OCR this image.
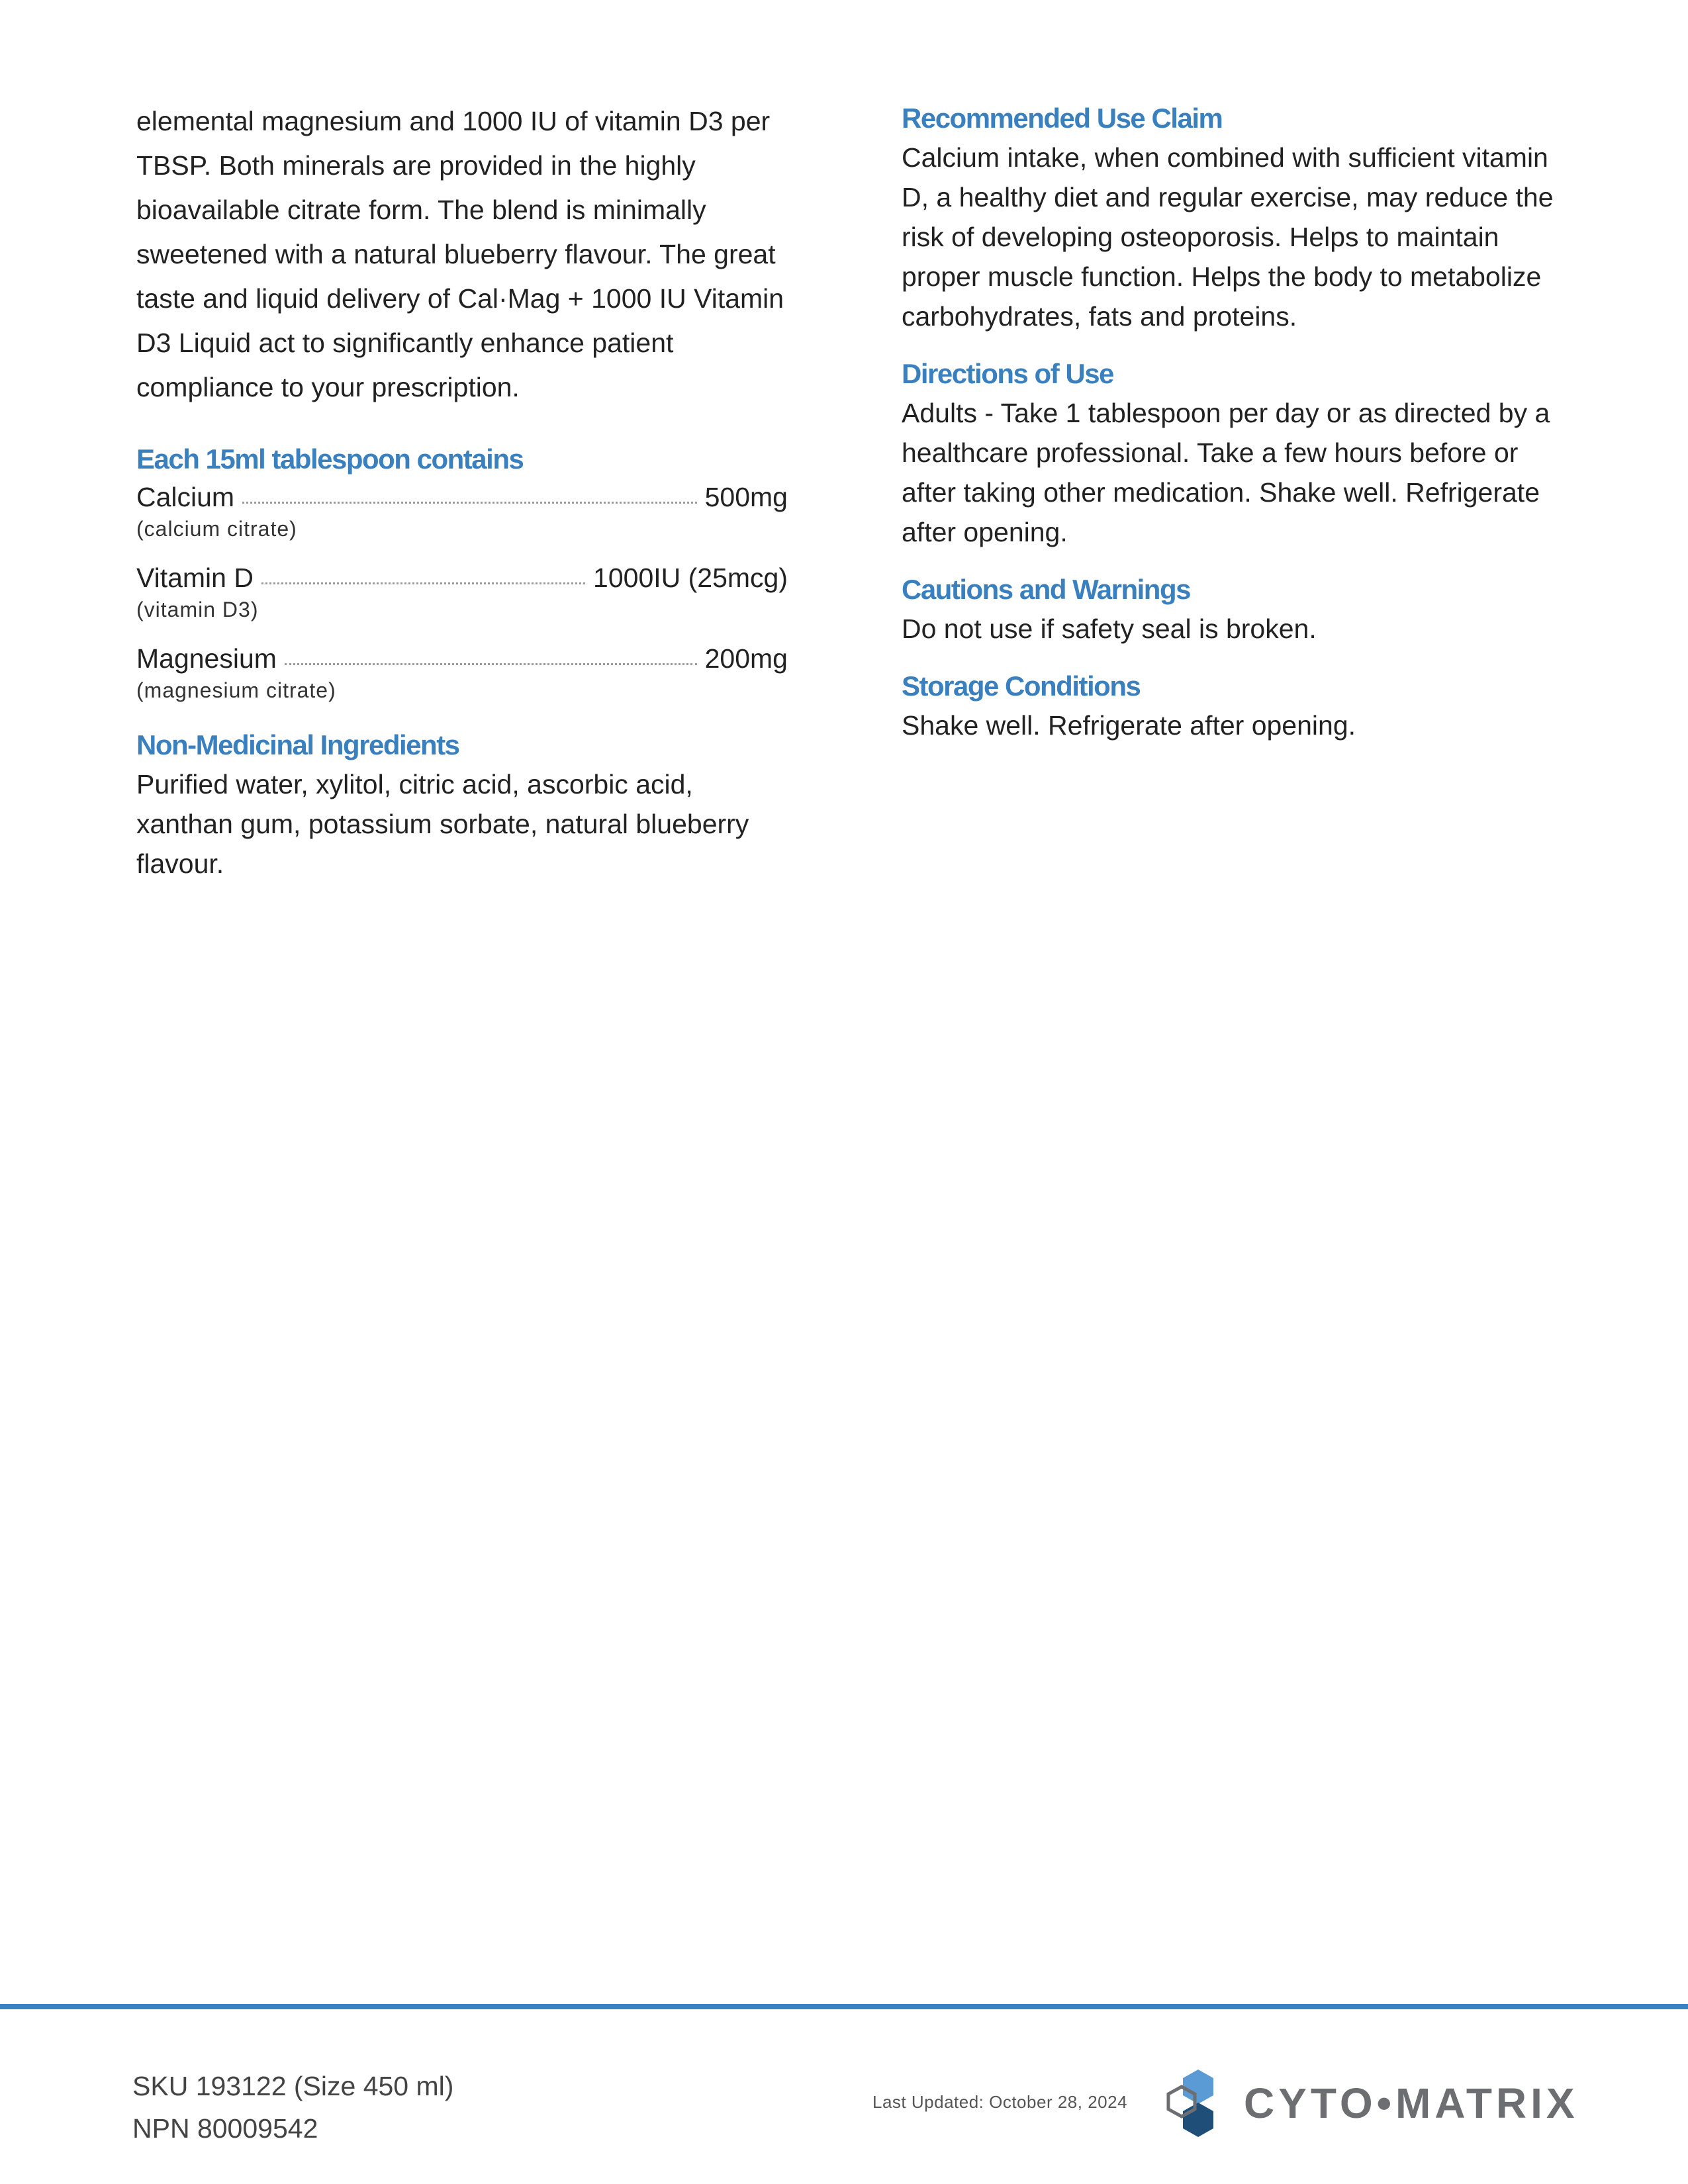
elemental magnesium and 1000 IU of vitamin D3 per TBSP. Both minerals are provided in the highly bioavailable citrate form. The blend is minimally sweetened with a natural blueberry flavour. The great taste and liquid delivery of Cal·Mag + 1000 IU Vitamin D3 Liquid act to significantly enhance patient compliance to your prescription.

Each 15ml tablespoon contains
Calcium	500mg

(calcium citrate)

Vitamin D	1000IU (25mcg)

(vitamin D3)

Magnesium	200mg

(magnesium citrate)

Non-Medicinal Ingredients

Purified water, xylitol, citric acid, ascorbic acid, xanthan gum, potassium sorbate, natural blueberry flavour.

Recommended Use Claim

Calcium intake, when combined with sufficient vitamin D, a healthy diet and regular exercise, may reduce the risk of developing osteoporosis. Helps to maintain proper muscle function. Helps the body to metabolize carbohydrates, fats and proteins.

Directions of Use

Adults - Take 1 tablespoon per day or as directed by a healthcare professional. Take a few hours before or after taking other medication. Shake well. Refrigerate after opening.

Cautions and Warnings

Do not use if safety seal is broken.

Storage Conditions

Shake well. Refrigerate after opening.

SKU 193122 (Size 450 ml)
NPN 80009542
Last Updated: October 28, 2024	CYTO•MATRIX
